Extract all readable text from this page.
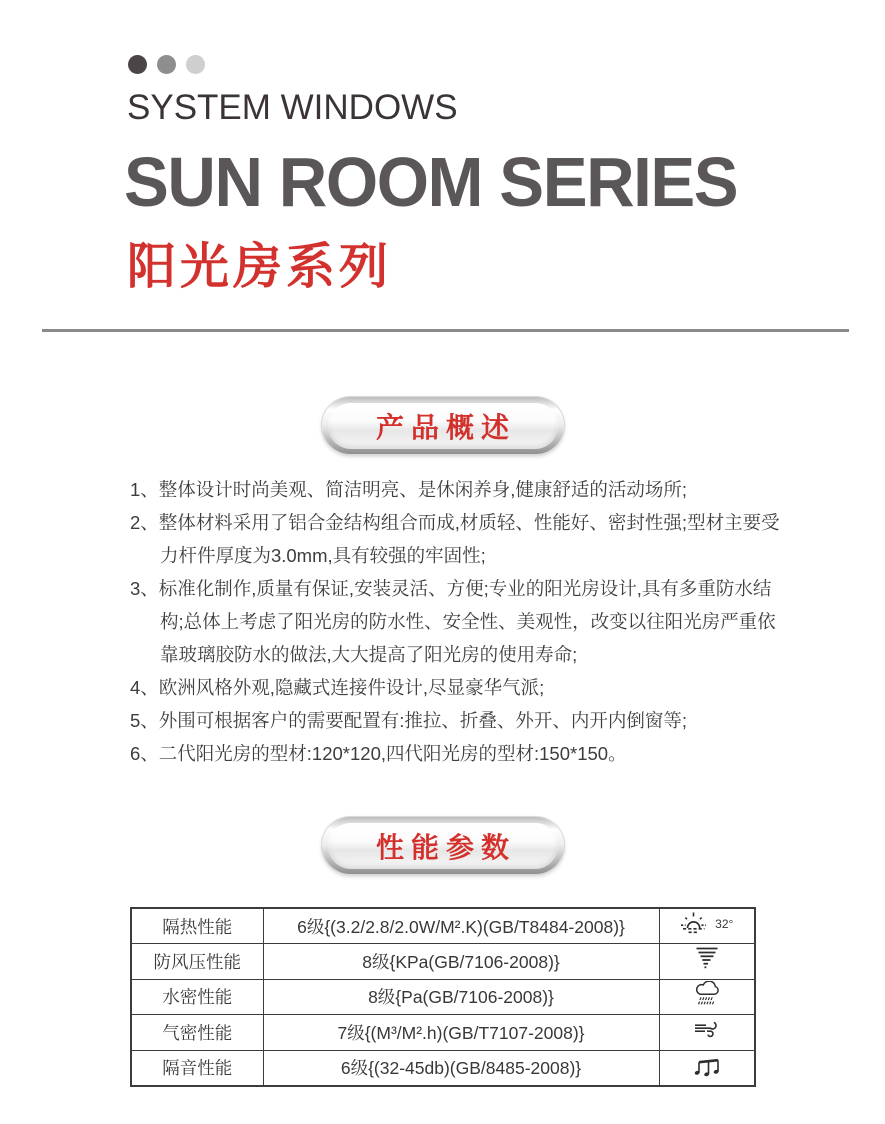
SYSTEM WINDOWS
SUN ROOM SERIES
阳光房系列
产品概述
1、整体设计时尚美观、简洁明亮、是休闲养身,健康舒适的活动场所;
2、整体材料采用了铝合金结构组合而成,材质轻、性能好、密封性强;型材主要受力杆件厚度为3.0mm,具有较强的牢固性;
3、标准化制作,质量有保证,安装灵活、方便;专业的阳光房设计,具有多重防水结构;总体上考虑了阳光房的防水性、安全性、美观性，改变以往阳光房严重依靠玻璃胶防水的做法,大大提高了阳光房的使用寿命;
4、欧洲风格外观,隐藏式连接件设计,尽显豪华气派;
5、外围可根据客户的需要配置有:推拉、折叠、外开、内开内倒窗等;
6、二代阳光房的型材:120*120,四代阳光房的型材:150*150。
性能参数
隔热性能	6级{(3.2/2.8/2.0W/M².K)(GB/T8484-2008)}	32°

防风压性能	8级{KPa(GB/7106-2008)}	

水密性能	8级{Pa(GB/7106-2008)}	

气密性能	7级{(M³/M².h)(GB/T7107-2008)}	

隔音性能	6级{(32-45db)(GB/8485-2008)}	
